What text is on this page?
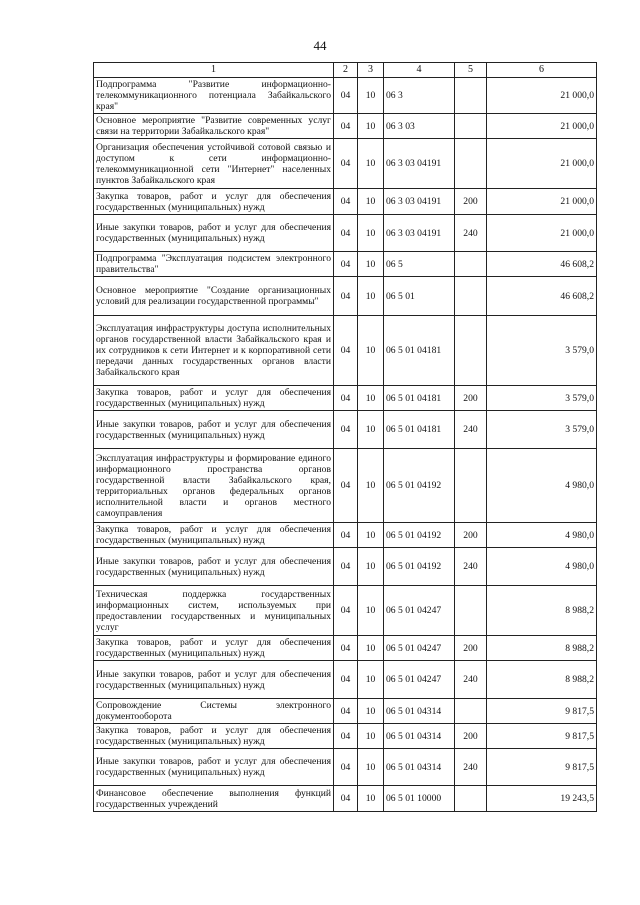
44
1	2	3	4	5	6
Подпрограмма "Развитие информационно-телекоммуникационного потенциала Забайкальского края"	04	10	06 3		21 000,0
Основное мероприятие "Развитие современных услуг связи на территории Забайкальского края"	04	10	06 3 03		21 000,0
Организация обеспечения устойчивой сотовой связью и доступом к сети информационно-телекоммуникационной сети "Интернет" населенных пунктов Забайкальского края	04	10	06 3 03 04191		21 000,0
Закупка товаров, работ и услуг для обеспечения государственных (муниципальных) нужд	04	10	06 3 03 04191	200	21 000,0
Иные закупки товаров, работ и услуг для обеспечения государственных (муниципальных) нужд	04	10	06 3 03 04191	240	21 000,0
Подпрограмма "Эксплуатация подсистем электронного правительства"	04	10	06 5		46 608,2
Основное мероприятие "Создание организационных условий для реализации государственной программы"	04	10	06 5 01		46 608,2
Эксплуатация инфраструктуры доступа исполнительных органов государственной власти Забайкальского края и их сотрудников к сети Интернет и к корпоративной сети передачи данных государственных органов власти Забайкальского края	04	10	06 5 01 04181		3 579,0
Закупка товаров, работ и услуг для обеспечения государственных (муниципальных) нужд	04	10	06 5 01 04181	200	3 579,0
Иные закупки товаров, работ и услуг для обеспечения государственных (муниципальных) нужд	04	10	06 5 01 04181	240	3 579,0
Эксплуатация инфраструктуры и формирование единого информационного пространства органов государственной власти Забайкальского края, территориальных органов федеральных органов исполнительной власти и органов местного самоуправления	04	10	06 5 01 04192		4 980,0
Закупка товаров, работ и услуг для обеспечения государственных (муниципальных) нужд	04	10	06 5 01 04192	200	4 980,0
Иные закупки товаров, работ и услуг для обеспечения государственных (муниципальных) нужд	04	10	06 5 01 04192	240	4 980,0
Техническая поддержка государственных информационных систем, используемых при предоставлении государственных и муниципальных услуг	04	10	06 5 01 04247		8 988,2
Закупка товаров, работ и услуг для обеспечения государственных (муниципальных) нужд	04	10	06 5 01 04247	200	8 988,2
Иные закупки товаров, работ и услуг для обеспечения государственных (муниципальных) нужд	04	10	06 5 01 04247	240	8 988,2
Сопровождение Системы электронного документооборота	04	10	06 5 01 04314		9 817,5
Закупка товаров, работ и услуг для обеспечения государственных (муниципальных) нужд	04	10	06 5 01 04314	200	9 817,5
Иные закупки товаров, работ и услуг для обеспечения государственных (муниципальных) нужд	04	10	06 5 01 04314	240	9 817,5
Финансовое обеспечение выполнения функций государственных учреждений	04	10	06 5 01 10000		19 243,5
